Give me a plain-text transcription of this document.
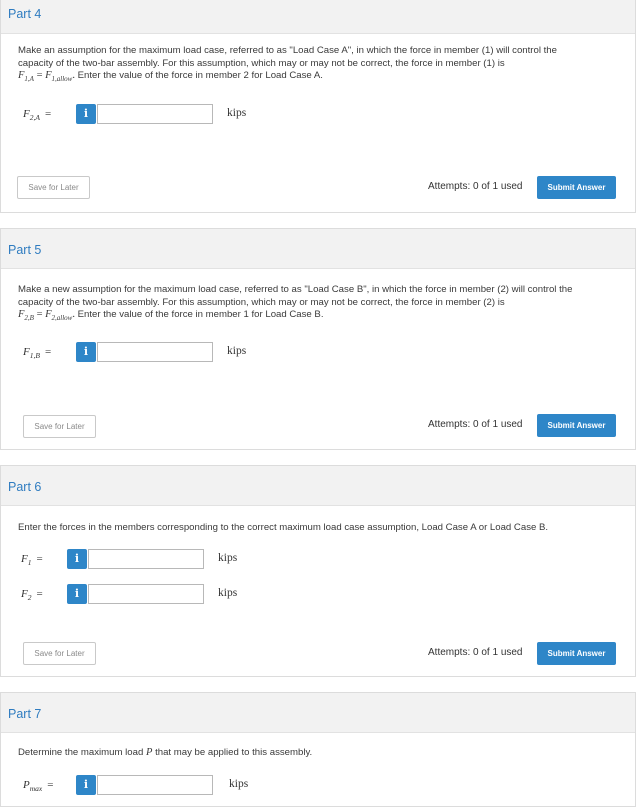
Part 4
Make an assumption for the maximum load case, referred to as "Load Case A", in which the force in member (1) will control the
capacity of the two-bar assembly. For this assumption, which may or may not be correct, the force in member (1) is
$F_{1,A} = F_{1,allow}$. Enter the value of the force in member 2 for Load Case A.
$F_{2,A}$ =	i	kips
Save for Later	Attempts: 0 of 1 used	Submit Answer
Part 5
Make a new assumption for the maximum load case, referred to as "Load Case B", in which the force in member (2) will control the
capacity of the two-bar assembly. For this assumption, which may or may not be correct, the force in member (2) is
$F_{2,B} = F_{2,allow}$. Enter the value of the force in member 1 for Load Case B.
$F_{1,B}$ =	i	kips
Save for Later	Attempts: 0 of 1 used	Submit Answer
Part 6
Enter the forces in the members corresponding to the correct maximum load case assumption, Load Case A or Load Case B.
$F_1$ =	i	kips
$F_2$ =	i	kips
Save for Later	Attempts: 0 of 1 used	Submit Answer
Part 7
Determine the maximum load P that may be applied to this assembly.
$P_{max}$ =	i	kips
